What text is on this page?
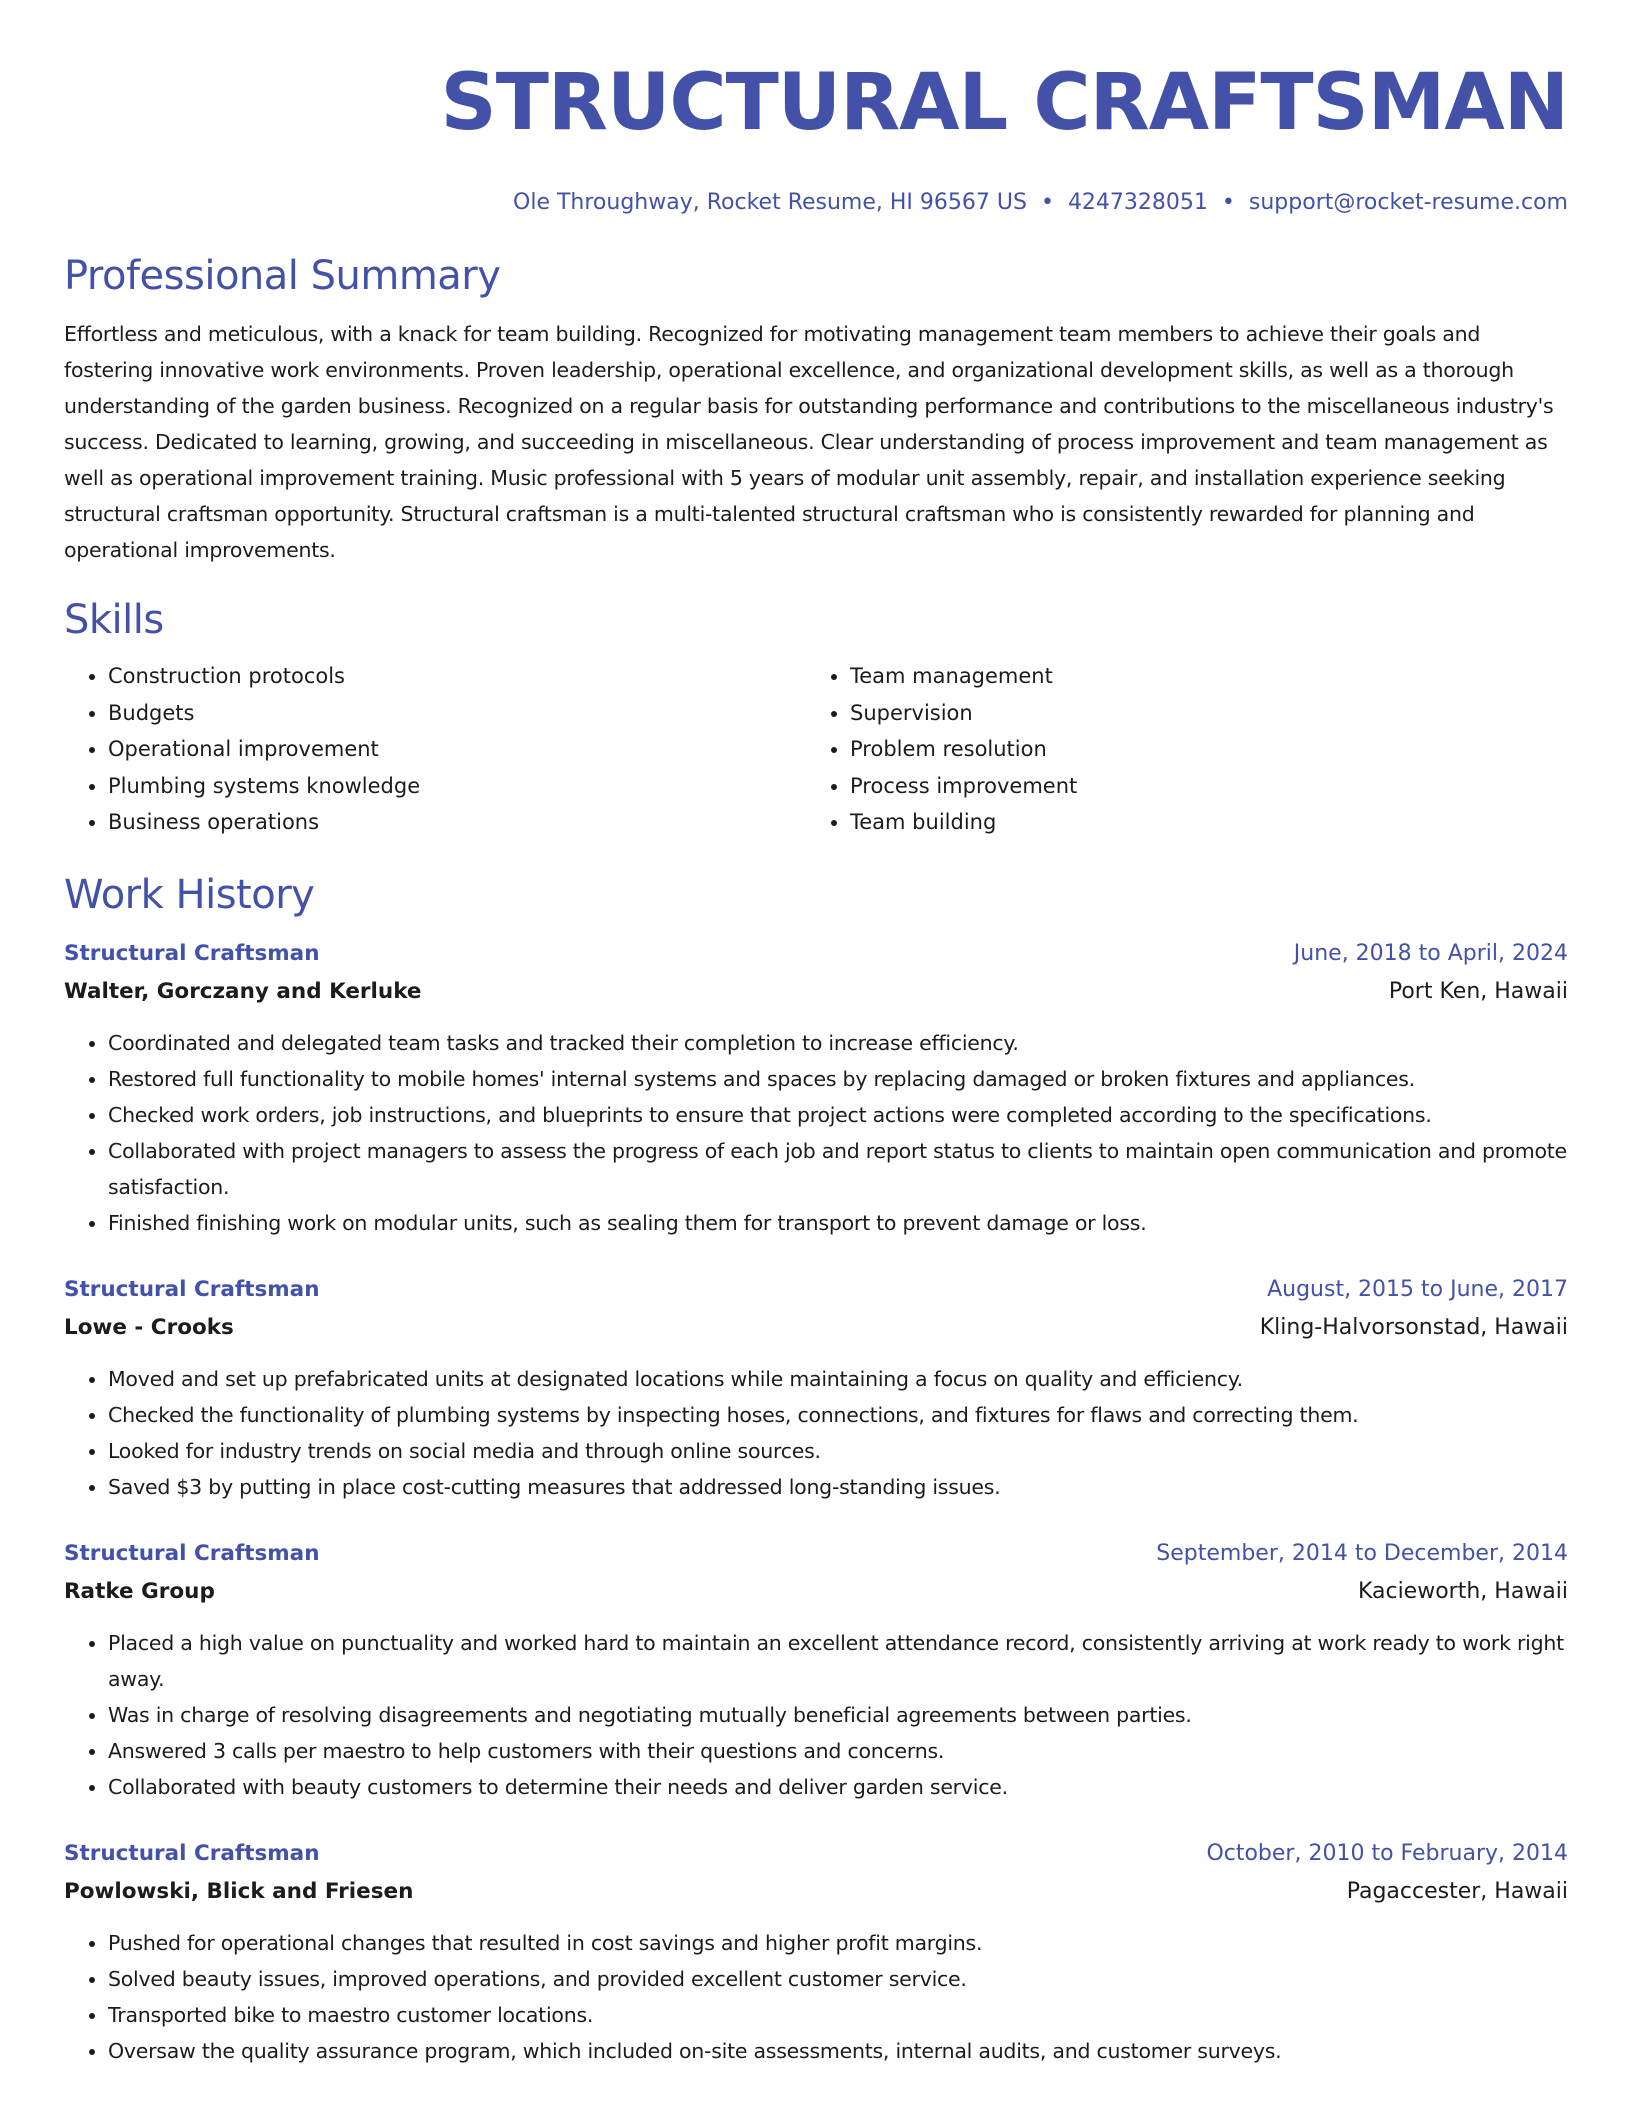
STRUCTURAL CRAFTSMAN
Ole Throughway, Rocket Resume, HI 96567 US • 4247328051 • support@rocket-resume.com
Professional Summary

Effortless and meticulous, with a knack for team building. Recognized for motivating management team members to achieve their goals and fostering innovative work environments. Proven leadership, operational excellence, and organizational development skills, as well as a thorough understanding of the garden business. Recognized on a regular basis for outstanding performance and contributions to the miscellaneous industry's success. Dedicated to learning, growing, and succeeding in miscellaneous. Clear understanding of process improvement and team management as well as operational improvement training. Music professional with 5 years of modular unit assembly, repair, and installation experience seeking structural craftsman opportunity. Structural craftsman is a multi-talented structural craftsman who is consistently rewarded for planning and operational improvements.

Skills
• Construction protocols
• Budgets
• Operational improvement
• Plumbing systems knowledge
• Business operations
• Team management
• Supervision
• Problem resolution
• Process improvement
• Team building
Work History
Structural Craftsman	June, 2018 to April, 2024
Walter, Gorczany and Kerluke	Port Ken, Hawaii
• Coordinated and delegated team tasks and tracked their completion to increase efficiency.
• Restored full functionality to mobile homes' internal systems and spaces by replacing damaged or broken fixtures and appliances.
• Checked work orders, job instructions, and blueprints to ensure that project actions were completed according to the specifications.
• Collaborated with project managers to assess the progress of each job and report status to clients to maintain open communication and promote satisfaction.
• Finished finishing work on modular units, such as sealing them for transport to prevent damage or loss.
Structural Craftsman	August, 2015 to June, 2017
Lowe - Crooks	Kling-Halvorsonstad, Hawaii
• Moved and set up prefabricated units at designated locations while maintaining a focus on quality and efficiency.
• Checked the functionality of plumbing systems by inspecting hoses, connections, and fixtures for flaws and correcting them.
• Looked for industry trends on social media and through online sources.
• Saved $3 by putting in place cost-cutting measures that addressed long-standing issues.
Structural Craftsman	September, 2014 to December, 2014
Ratke Group	Kacieworth, Hawaii
• Placed a high value on punctuality and worked hard to maintain an excellent attendance record, consistently arriving at work ready to work right away.
• Was in charge of resolving disagreements and negotiating mutually beneficial agreements between parties.
• Answered 3 calls per maestro to help customers with their questions and concerns.
• Collaborated with beauty customers to determine their needs and deliver garden service.
Structural Craftsman	October, 2010 to February, 2014
Powlowski, Blick and Friesen	Pagaccester, Hawaii
• Pushed for operational changes that resulted in cost savings and higher profit margins.
• Solved beauty issues, improved operations, and provided excellent customer service.
• Transported bike to maestro customer locations.
• Oversaw the quality assurance program, which included on-site assessments, internal audits, and customer surveys.
